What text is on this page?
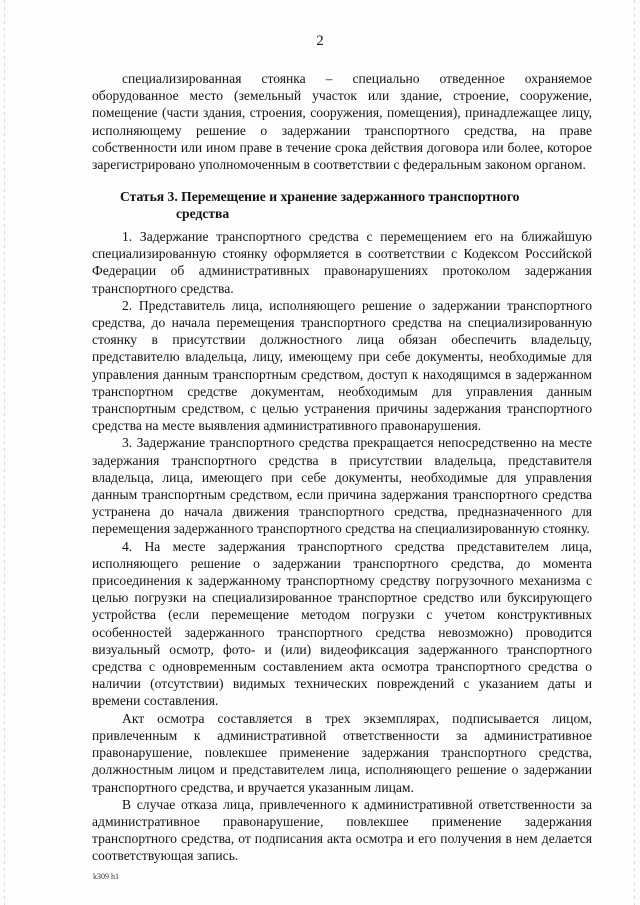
2

специализированная стоянка – специально отведенное охраняемое оборудованное место (земельный участок или здание, строение, сооружение, помещение (части здания, строения, сооружения, помещения), принадлежащее лицу, исполняющему решение о задержании транспортного средства, на праве собственности или ином праве в течение срока действия договора или более, которое зарегистрировано уполномоченным в соответствии с федеральным законом органом.

Статья 3. Перемещение и хранение задержанного транспортного
средства

1. Задержание транспортного средства с перемещением его на ближайшую специализированную стоянку оформляется в соответствии с Кодексом Российской Федерации об административных правонарушениях протоколом задержания транспортного средства.

2. Представитель лица, исполняющего решение о задержании транспортного средства, до начала перемещения транспортного средства на специализированную стоянку в присутствии должностного лица обязан обеспечить владельцу, представителю владельца, лицу, имеющему при себе документы, необходимые для управления данным транспортным средством, доступ к находящимся в задержанном транспортном средстве документам, необходимым для управления данным транспортным средством, с целью устранения причины задержания транспортного средства на месте выявления административного правонарушения.

3. Задержание транспортного средства прекращается непосредственно на месте задержания транспортного средства в присутствии владельца, представителя владельца, лица, имеющего при себе документы, необходимые для управления данным транспортным средством, если причина задержания транспортного средства устранена до начала движения транспортного средства, предназначенного для перемещения задержанного транспортного средства на специализированную стоянку.

4. На месте задержания транспортного средства представителем лица, исполняющего решение о задержании транспортного средства, до момента присоединения к задержанному транспортному средству погрузочного механизма с целью погрузки на специализированное транспортное средство или буксирующего устройства (если перемещение методом погрузки с учетом конструктивных особенностей задержанного транспортного средства невозможно) проводится визуальный осмотр, фото- и (или) видеофиксация задержанного транспортного средства с одновременным составлением акта осмотра транспортного средства о наличии (отсутствии) видимых технических повреждений с указанием даты и времени составления.

Акт осмотра составляется в трех экземплярах, подписывается лицом, привлеченным к административной ответственности за административное правонарушение, повлекшее применение задержания транспортного средства, должностным лицом и представителем лица, исполняющего решение о задержании транспортного средства, и вручается указанным лицам.

В случае отказа лица, привлеченного к административной ответственности за административное правонарушение, повлекшее применение задержания транспортного средства, от подписания акта осмотра и его получения в нем делается соответствующая запись.

k309 h1
